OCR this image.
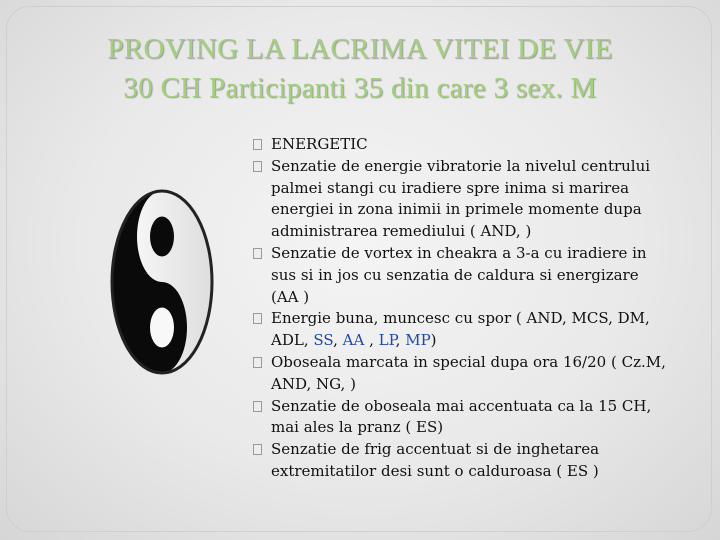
PROVING LA LACRIMA VITEI DE VIE
30 CH Participanti 35 din care 3 sex. M

ENERGETIC

Senzatie de energie vibratorie la nivelul centrului palmei stangi cu iradiere spre inima si marirea energiei in zona inimii in primele momente dupa administrarea remediului ( AND, )

Senzatie de vortex in cheakra a 3-a cu iradiere in sus si in jos cu senzatia de caldura si energizare (AA )

Energie buna, muncesc cu spor ( AND, MCS, DM, ADL, SS, AA , LP, MP)

Oboseala marcata in special dupa ora 16/20 ( Cz.M, AND, NG, )

Senzatie de oboseala mai accentuata ca la 15 CH, mai ales la pranz ( ES)

Senzatie de frig accentuat si de inghetarea extremitatilor desi sunt o calduroasa ( ES )
